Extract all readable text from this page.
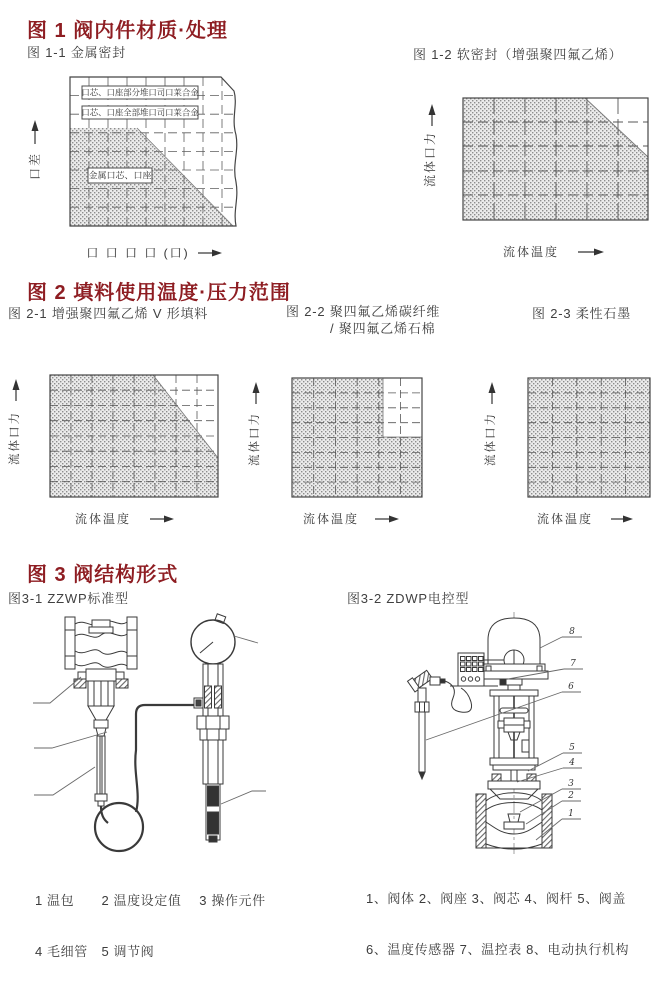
图 1 阀内件材质·处理
图 1-1 金属密封	图 1-2 软密封（增强聚四氟乙烯）
口芯、口座部分堆口司口莱合金
口芯、口座全部堆口司口莱合金
金属口芯、口座
口差
口 口 口 口 (口)
流体口力
流体温度
图 2 填料使用温度·压力范围
图 2-1 增强聚四氟乙烯 V 形填料	图 2-2 聚四氟乙烯碳纤维
/ 聚四氟乙烯石棉
图 2-3 柔性石墨
流体口力
流体温度
流体口力
流体温度
流体口力
流体温度
图 3 阀结构形式
图3-1 ZZWP标准型	图3-2 ZDWP电控型
8
7
6
5
4
3
2
1

1 温包　　2 温度设定值　 3 操作元件

4 毛细管　5 调节阀

1、阀体 2、阀座 3、阀芯 4、阀杆 5、阀盖

6、温度传感器 7、温控表 8、电动执行机构
